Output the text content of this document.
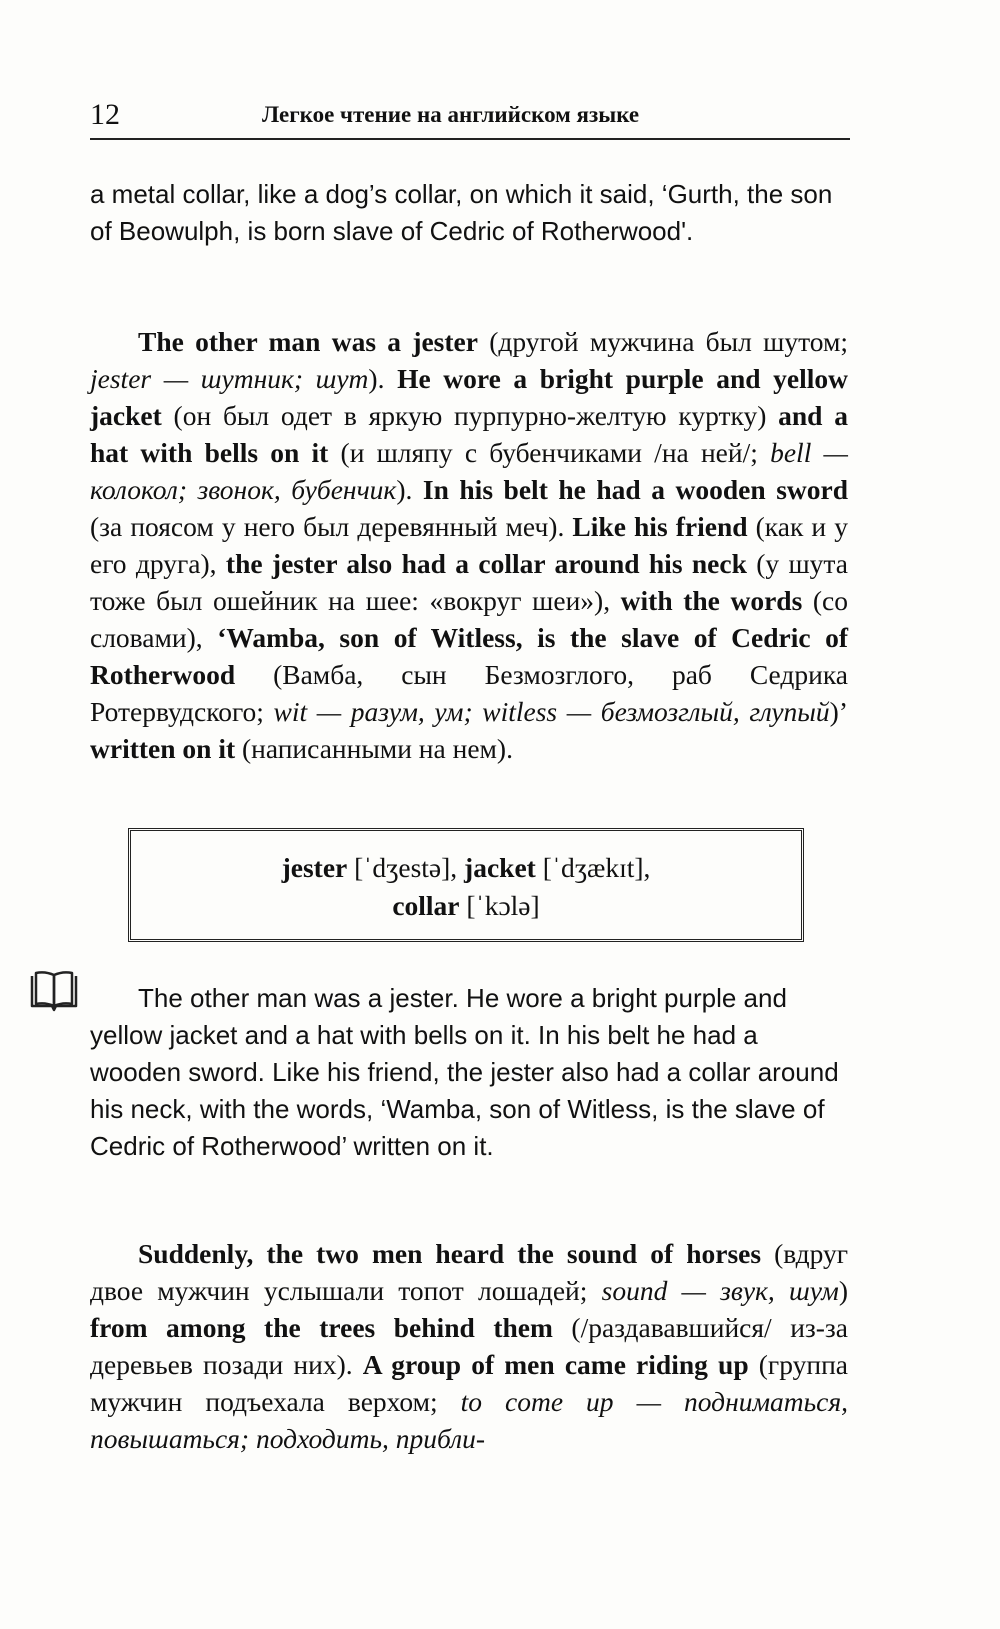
12	Легкое чтение на английском языке

a metal collar, like a dog’s collar, on which it said, ‘Gurth, the son of Beowulph, is born slave of Cedric of Rotherwood'.

The other man was a jester (другой мужчина был шутом; jester — шутник; шут). He wore a bright purple and yellow jacket (он был одет в яркую пурпурно-желтую куртку) and a hat with bells on it (и шляпу с бубенчиками /на ней/; bell — колокол; звонок, бубенчик). In his belt he had a wooden sword (за поясом у него был деревянный меч). Like his friend (как и у его друга), the jester also had a collar around his neck (у шута тоже был ошейник на шее: «вокруг шеи»), with the words (со словами), ‘Wamba, son of Witless, is the slave of Cedric of Rotherwood (Вамба, сын Безмозглого, раб Седрика Ротервудского; wit — разум, ум; witless — безмозглый, глупый)’ written on it (написанными на нем).

jester [ˈdʒestə], jacket [ˈdʒækɪt],
collar [ˈkɔlə]

The other man was a jester. He wore a bright purple and yellow jacket and a hat with bells on it. In his belt he had a wooden sword. Like his friend, the jester also had a collar around his neck, with the words, ‘Wamba, son of Witless, is the slave of Cedric of Rotherwood’ written on it.

Suddenly, the two men heard the sound of horses (вдруг двое мужчин услышали топот лошадей; sound — звук, шум) from among the trees behind them (/раздававшийся/ из-за деревьев позади них). A group of men came riding up (группа мужчин подъехала верхом; to come up — подниматься, повышаться; подходить, прибли-
